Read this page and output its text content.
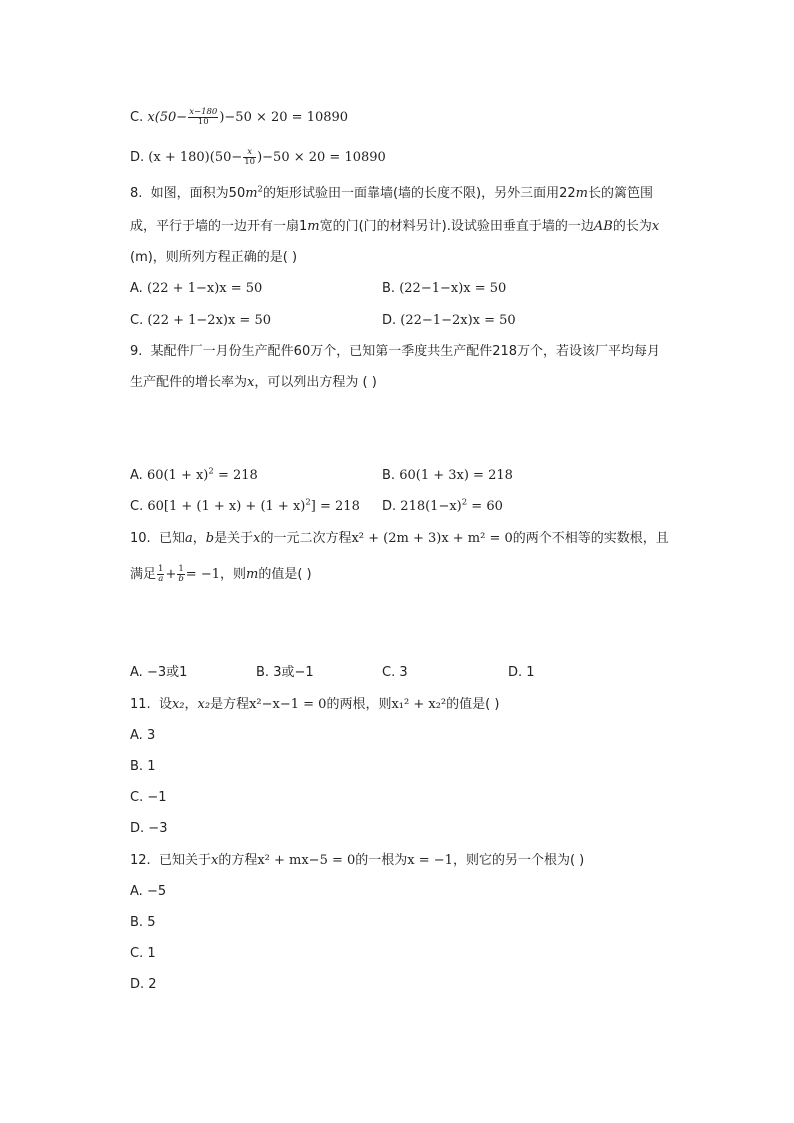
C. $x(50- \frac{x-180}{10} )-50 \times 20 = 10890$
D. $(x + 180)(50- \frac{x}{10} )-50 \times 20 = 10890$
8. 如图，面积为$50m^2$的矩形试验田一面靠墙(墙的长度不限)，另外三面用22m长的篱笆围
成，平行于墙的一边开有一扇1m宽的门(门的材料另计).设试验田垂直于墙的一边AB的长为x
(m)，则所列方程正确的是( )
A. (22 + 1−x)x = 50	B. (22−1−x)x = 50
C. (22 + 1−2x)x = 50	D. (22−1−2x)x = 50
9. 某配件厂一月份生产配件60万个，已知第一季度共生产配件218万个，若设该厂平均每月
生产配件的增长率为x，可以列出方程为 ( )
A. $60(1 + x)^2 = 218$	B. 60(1 + 3x) = 218
C. $60[1 + (1 + x) + (1 + x)^2] = 218$ D. $218(1-x)^2 = 60$
10. 已知a，b是关于x的一元二次方程x² + (2m + 3)x + m² = 0的两个不相等的实数根，且
满足 $\frac{1}{a} + \frac{1}{b} = -1$，则m的值是( )
A. −3或1	B. 3或−1	C. 3	D. 1
11. 设x₂，x₂是方程x²−x−1 = 0的两根，则x₁² + x₂²的值是( )
A. 3
B. 1
C. −1
D. −3
12. 已知关于x的方程x² + mx−5 = 0的一根为x = −1，则它的另一个根为( )
A. −5
B. 5
C. 1
D. 2
